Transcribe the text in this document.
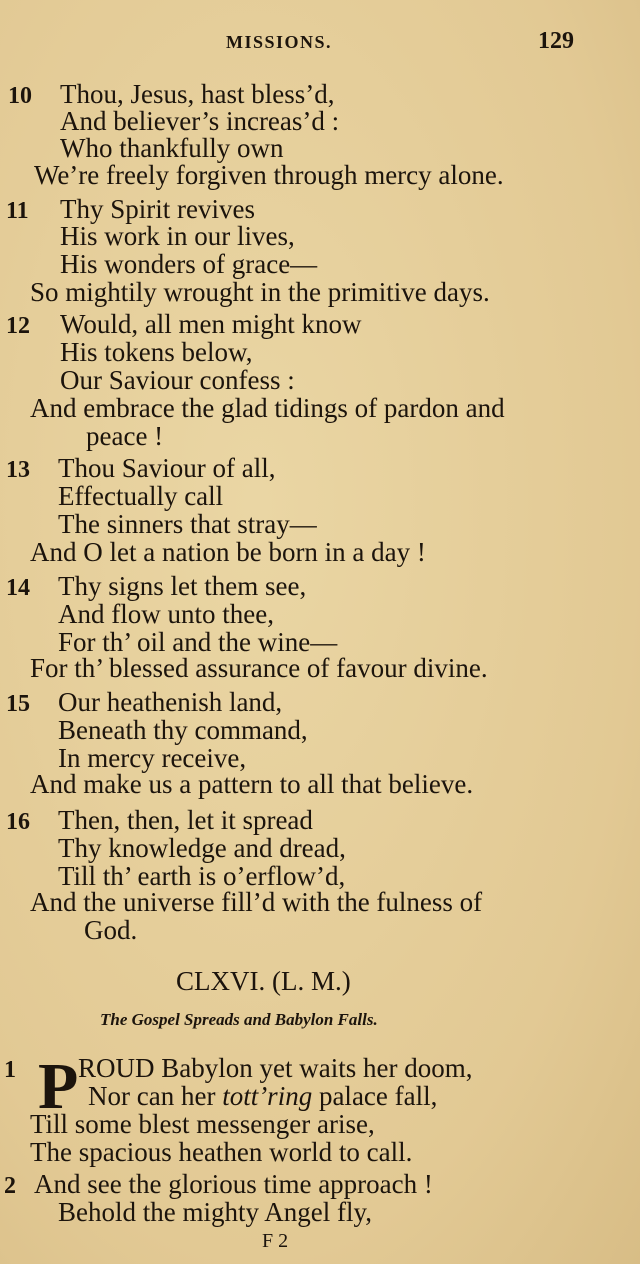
MISSIONS.	129
10 Thou, Jesus, hast bless’d,
And believer’s increas’d :
Who thankfully own
We’re freely forgiven through mercy alone.
11 Thy Spirit revives
His work in our lives,
His wonders of grace—
So mightily wrought in the primitive days.
12 Would, all men might know
His tokens below,
Our Saviour confess :
And embrace the glad tidings of pardon and
peace !
13 Thou Saviour of all,
Effectually call
The sinners that stray—
And O let a nation be born in a day !
14 Thy signs let them see,
And flow unto thee,
For th’ oil and the wine—
For th’ blessed assurance of favour divine.
15 Our heathenish land,
Beneath thy command,
In mercy receive,
And make us a pattern to all that believe.
16 Then, then, let it spread
Thy knowledge and dread,
Till th’ earth is o’erflow’d,
And the universe fill’d with the fulness of
God.
CLXVI. (L. M.)
The Gospel Spreads and Babylon Falls.
1 P ROUD Babylon yet waits her doom,
Nor can her tott’ring palace fall,
Till some blest messenger arise,
The spacious heathen world to call.
2 And see the glorious time approach !
Behold the mighty Angel fly,
F 2
